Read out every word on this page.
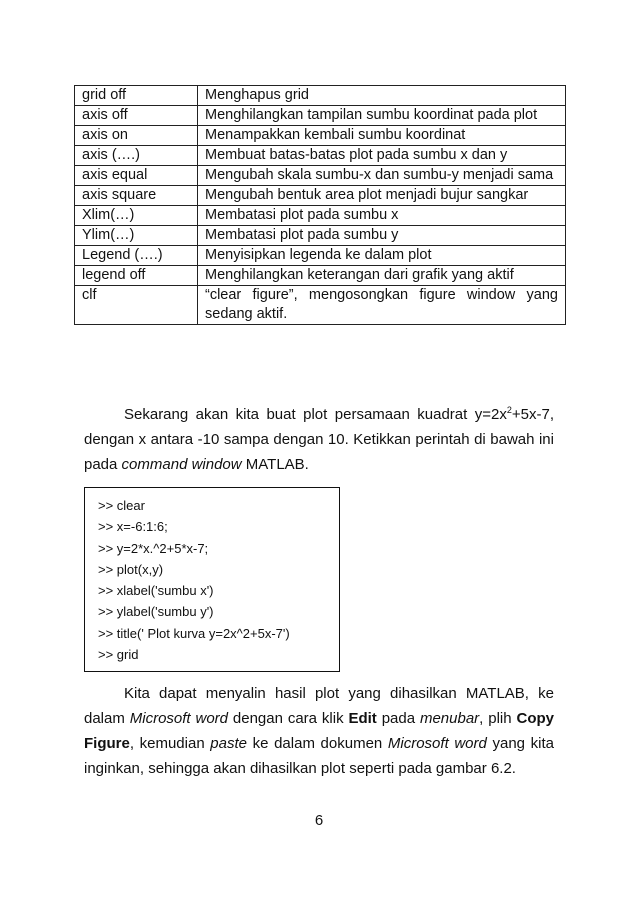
grid off	Menghapus grid
axis off	Menghilangkan tampilan sumbu koordinat pada plot
axis on	Menampakkan kembali sumbu koordinat
axis (….)	Membuat batas-batas plot pada sumbu x dan y
axis equal	Mengubah skala sumbu-x dan sumbu-y menjadi sama
axis square	Mengubah bentuk area plot menjadi bujur sangkar
Xlim(…)	Membatasi plot pada sumbu x
Ylim(…)	Membatasi plot pada sumbu y
Legend (….)	Menyisipkan legenda ke dalam plot
legend off	Menghilangkan keterangan dari grafik yang aktif
clf	“clear figure”, mengosongkan figure window yang sedang aktif.

Sekarang akan kita buat plot persamaan kuadrat $y=2x^2+5x-7$, dengan x antara -10 sampa dengan 10. Ketikkan perintah di bawah ini pada command window MATLAB.

>> clear
>> x=-6:1:6;
>> y=2*x.^2+5*x-7;
>> plot(x,y)
>> xlabel('sumbu x')
>> ylabel('sumbu y')
>> title(' Plot kurva y=2x^2+5x-7')
>> grid

Kita dapat menyalin hasil plot yang dihasilkan MATLAB, ke dalam Microsoft word dengan cara klik Edit pada menubar, plih Copy Figure, kemudian paste ke dalam dokumen Microsoft word yang kita inginkan, sehingga akan dihasilkan plot seperti pada gambar 6.2.

6
